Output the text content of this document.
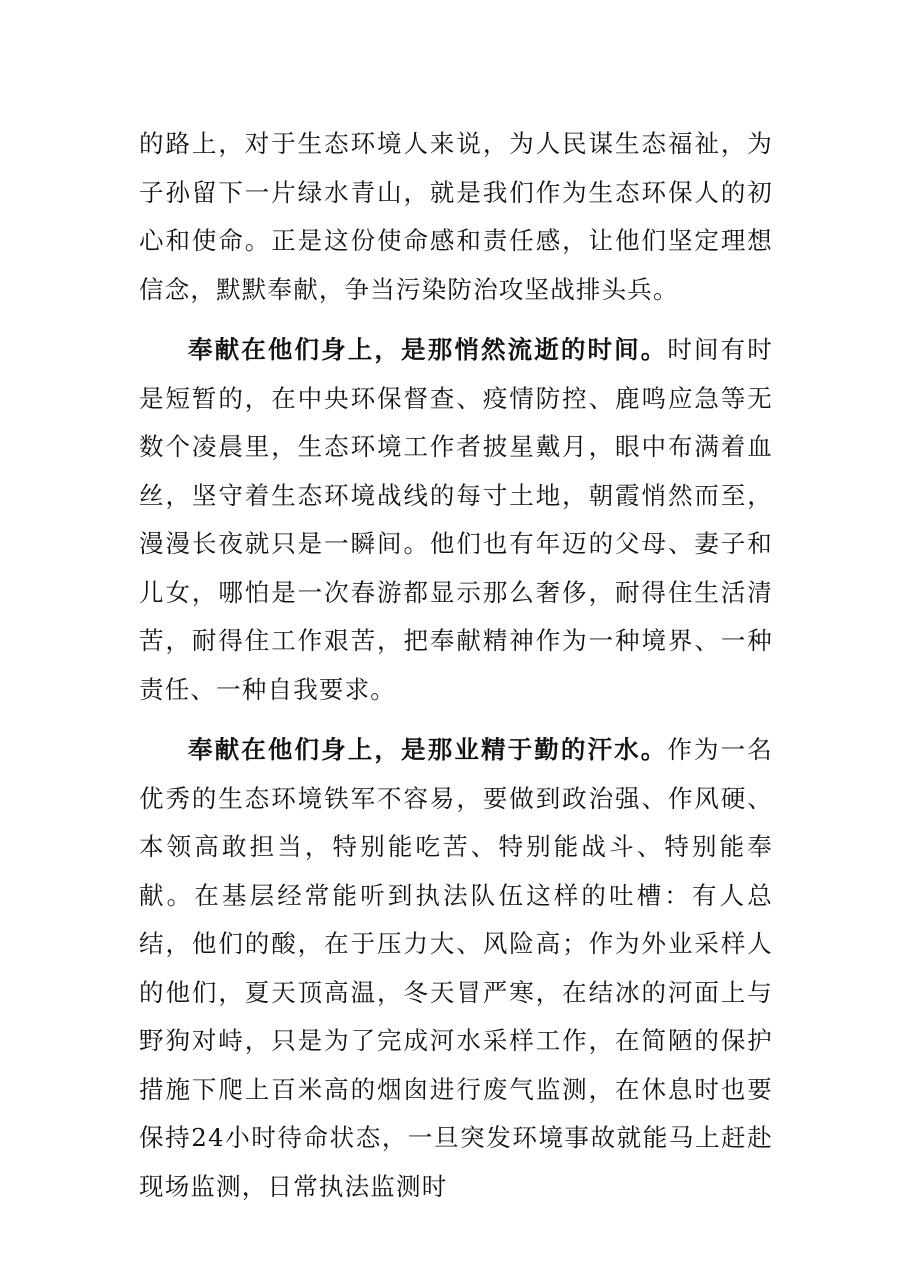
的路上，对于生态环境人来说，为人民谋生态福祉，为子孙留下一片绿水青山，就是我们作为生态环保人的初心和使命。正是这份使命感和责任感，让他们坚定理想信念，默默奉献，争当污染防治攻坚战排头兵。

奉献在他们身上，是那悄然流逝的时间。时间有时是短暂的，在中央环保督查、疫情防控、鹿鸣应急等无数个凌晨里，生态环境工作者披星戴月，眼中布满着血丝，坚守着生态环境战线的每寸土地，朝霞悄然而至，漫漫长夜就只是一瞬间。他们也有年迈的父母、妻子和儿女，哪怕是一次春游都显示那么奢侈，耐得住生活清苦，耐得住工作艰苦，把奉献精神作为一种境界、一种责任、一种自我要求。

奉献在他们身上，是那业精于勤的汗水。作为一名优秀的生态环境铁军不容易，要做到政治强、作风硬、本领高敢担当，特别能吃苦、特别能战斗、特别能奉献。在基层经常能听到执法队伍这样的吐槽：有人总结，他们的酸，在于压力大、风险高；作为外业采样人的他们，夏天顶高温，冬天冒严寒，在结冰的河面上与野狗对峙，只是为了完成河水采样工作，在简陋的保护措施下爬上百米高的烟囱进行废气监测，在休息时也要保持24小时待命状态，一旦突发环境事故就能马上赶赴现场监测，日常执法监测时
